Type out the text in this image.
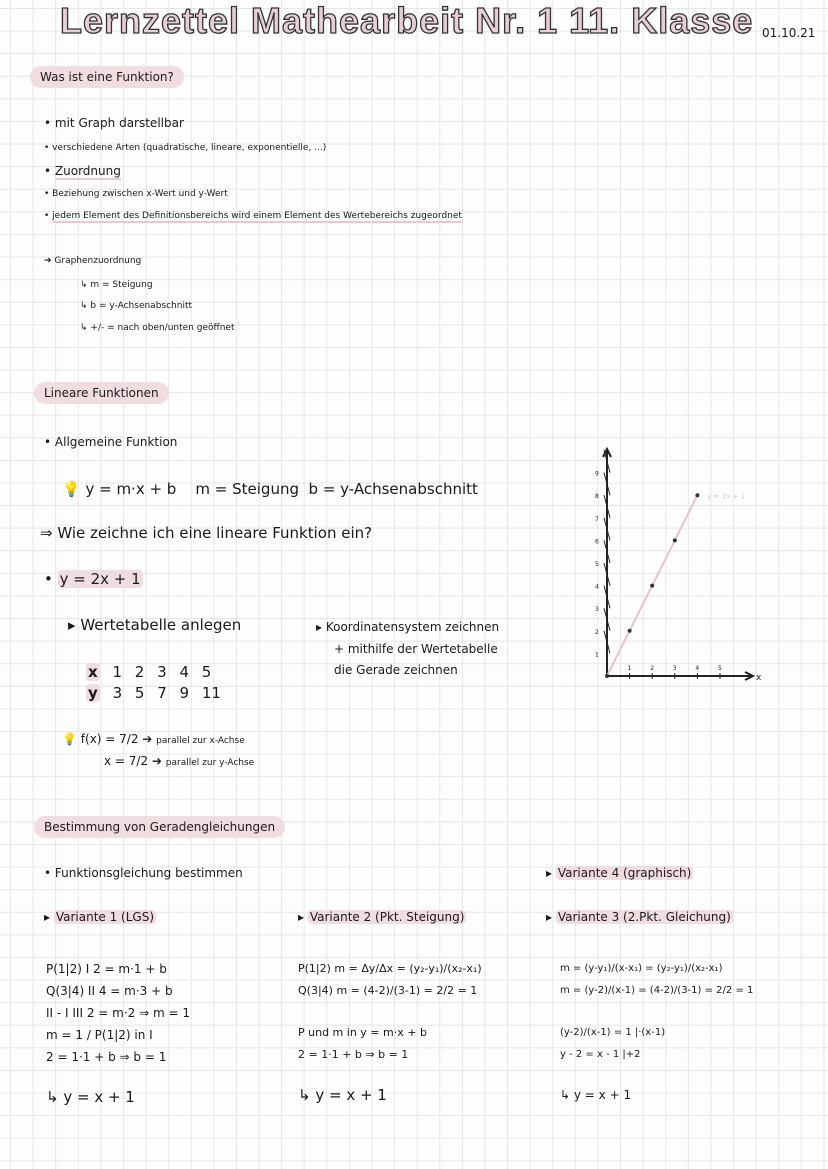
Lernzettel Mathearbeit Nr. 1 11. Klasse 01.10.21
Was ist eine Funktion?
• mit Graph darstellbar
• verschiedene Arten (quadratische, lineare, exponentielle, ...)
• Zuordnung
• Beziehung zwischen x-Wert und y-Wert
• jedem Element des Definitionsbereichs wird einem Element des Wertebereichs zugeordnet
➔ Graphenzuordnung
↳ m = Steigung
↳ b = y-Achsenabschnitt
↳ +/- = nach oben/unten geöffnet
Lineare Funktionen
• Allgemeine Funktion
💡 y = m·x + b m = Steigung b = y-Achsenabschnitt
⇒ Wie zeichne ich eine lineare Funktion ein?
• y = 2x + 1
▸ Wertetabelle anlegen	▸ Koordinatensystem zeichnen
+ mithilfe der Wertetabelle
die Gerade zeichnen
x 1 2 3 4 5
y 3 5 7 9 11
💡 f(x) = 7/2 ➔ parallel zur x-Achse
x = 7/2 ➔ parallel zur y-Achse
x
1
2
3
4
5
6
7
8
9
1	2	3	4	5
y = 2x + 1
Bestimmung von Geradengleichungen
• Funktionsgleichung bestimmen	▸ Variante 4 (graphisch)
▸ Variante 1 (LGS)	▸ Variante 2 (Pkt. Steigung)	▸ Variante 3 (2.Pkt. Gleichung)
P(1|2) I 2 = m·1 + b
Q(3|4) II 4 = m·3 + b
II - I III 2 = m·2 ⇒ m = 1
m = 1 / P(1|2) in I
2 = 1·1 + b ⇒ b = 1
↳ y = x + 1
P(1|2) m = Δy/Δx = (y₂-y₁)/(x₂-x₁)
Q(3|4) m = (4-2)/(3-1) = 2/2 = 1
P und m in y = m·x + b
2 = 1·1 + b ⇒ b = 1
↳ y = x + 1
m = (y-y₁)/(x-x₁) = (y₂-y₁)/(x₂-x₁)
m = (y-2)/(x-1) = (4-2)/(3-1) = 2/2 = 1
(y-2)/(x-1) = 1 |·(x-1)
y - 2 = x - 1 |+2
↳ y = x + 1
